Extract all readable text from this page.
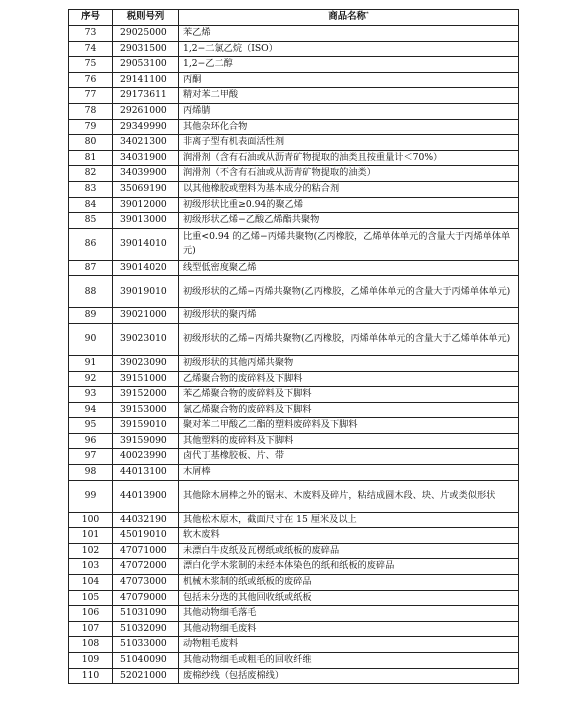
序号	税则号列	商品名称*
73	29025000	苯乙烯
74	29031500	1,2−二氯乙烷（ISO）
75	29053100	1,2−乙二醇
76	29141100	丙酮
77	29173611	精对苯二甲酸
78	29261000	丙烯腈
79	29349990	其他杂环化合物
80	34021300	非离子型有机表面活性剂
81	34031900	润滑剂（含有石油或从沥青矿物提取的油类且按重量计＜70%）
82	34039900	润滑剂（不含有石油或从沥青矿物提取的油类）
83	35069190	以其他橡胶或塑料为基本成分的粘合剂
84	39012000	初级形状比重≥0.94的聚乙烯
85	39013000	初级形状乙烯−乙酸乙烯酯共聚物
86	39014010	比重<0.94 的乙烯−丙烯共聚物(乙丙橡胶，乙烯单体单元的含量大于丙烯单体单元)
87	39014020	线型低密度聚乙烯
88	39019010	初级形状的乙烯−丙烯共聚物(乙丙橡胶，乙烯单体单元的含量大于丙烯单体单元)
89	39021000	初级形状的聚丙烯
90	39023010	初级形状的乙烯−丙烯共聚物(乙丙橡胶，丙烯单体单元的含量大于乙烯单体单元)
91	39023090	初级形状的其他丙烯共聚物
92	39151000	乙烯聚合物的废碎料及下脚料
93	39152000	苯乙烯聚合物的废碎料及下脚料
94	39153000	氯乙烯聚合物的废碎料及下脚料
95	39159010	聚对苯二甲酸乙二酯的塑料废碎料及下脚料
96	39159090	其他塑料的废碎料及下脚料
97	40023990	卤代丁基橡胶板、片、带
98	44013100	木屑棒
99	44013900	其他除木屑棒之外的锯末、木废料及碎片，粘结成圆木段、块、片或类似形状
100	44032190	其他松木原木，截面尺寸在 15 厘米及以上
101	45019010	软木废料
102	47071000	未漂白牛皮纸及瓦楞纸或纸板的废碎品
103	47072000	漂白化学木浆制的未经本体染色的纸和纸板的废碎品
104	47073000	机械木浆制的纸或纸板的废碎品
105	47079000	包括未分选的其他回收纸或纸板
106	51031090	其他动物细毛落毛
107	51032090	其他动物细毛废料
108	51033000	动物粗毛废料
109	51040090	其他动物细毛或粗毛的回收纤维
110	52021000	废棉纱线（包括废棉线）
